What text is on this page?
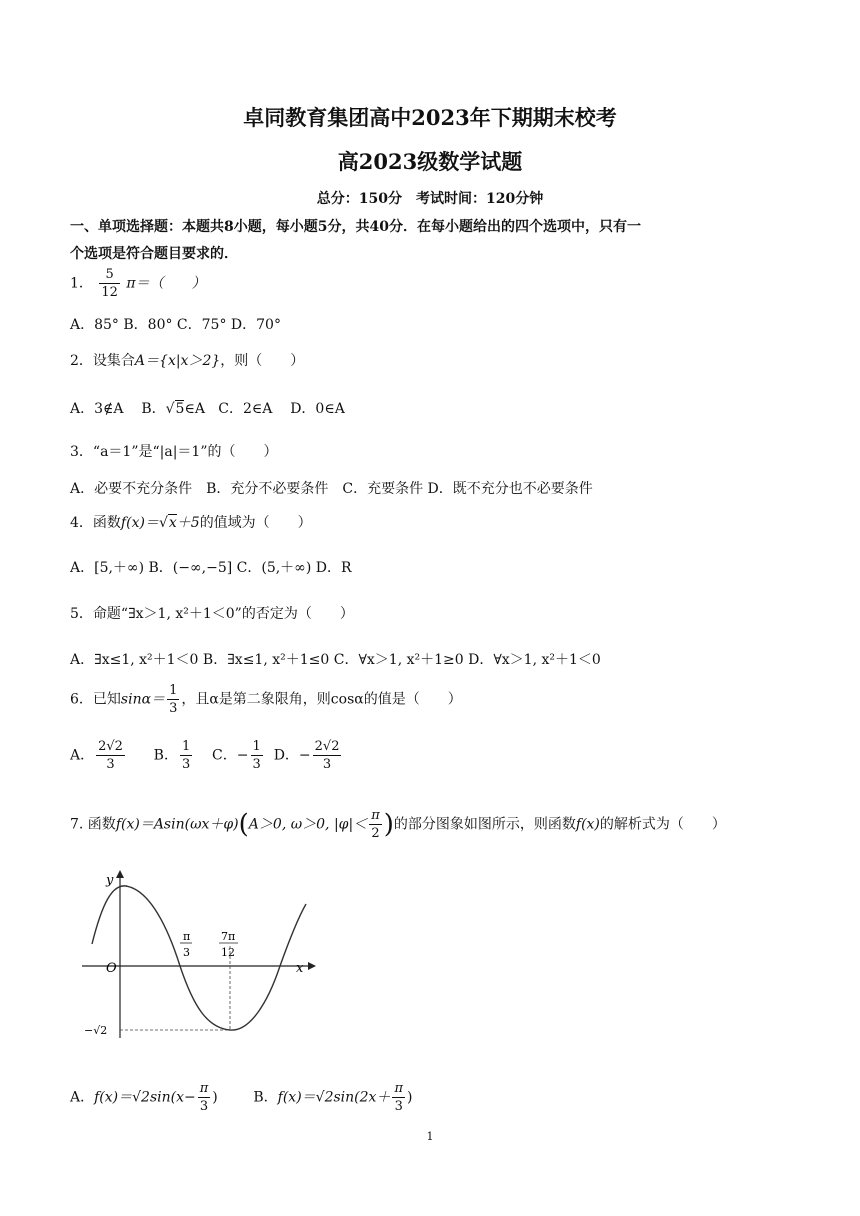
卓同教育集团高中2023年下期期末校考
高2023级数学试题
总分：150分　考试时间：120分钟
一、单项选择题：本题共8小题，每小题5分，共40分．在每小题给出的四个选项中，只有一
个选项是符合题目要求的．
1． $\frac{5}{12} \pi=$（　　）
A．85° B．80° C．75° D．70°
2．设集合A＝{x|x＞2}，则（　　）
A．3∉A B．√5∈A C．2∈A D．0∈A
3．“a＝1”是“|a|＝1”的（　　）
A．必要不充分条件　B．充分不必要条件　C．充要条件 D．既不充分也不必要条件
4．函数f(x)＝√x＋5的值域为（　　）
A．[5,＋∞) B．(−∞,−5] C．(5,＋∞) D．R
5．命题“∃x＞1, x²＋1＜0”的否定为（　　）
A．∃x≤1, x²＋1＜0 B．∃x≤1, x²＋1≤0 C．∀x＞1, x²＋1≥0 D．∀x＞1, x²＋1＜0
6．已知$\sin\alpha= \frac{1}{3}$ ，且α是第二象限角，则cosα的值是（　　）
A． $\frac{2√2}{3}$ B． $\frac{1}{3}$ C．− $\frac{1}{3}$ D．− $\frac{2√2}{3}$
7. 函数f(x)＝Asin(ωx＋φ)(A＞0, ω＞0, $|\varphi|< \frac{\pi}{2}$ )的部分图象如图所示，则函数f(x)的解析式为（　　）
y
x
O
π
3
7π
12
−√2
A．$f(x)=√2\sin(x- \frac{\pi}{3}$ )	B．$f(x)=√2\sin(2x+ \frac{\pi}{3}$ )
1
